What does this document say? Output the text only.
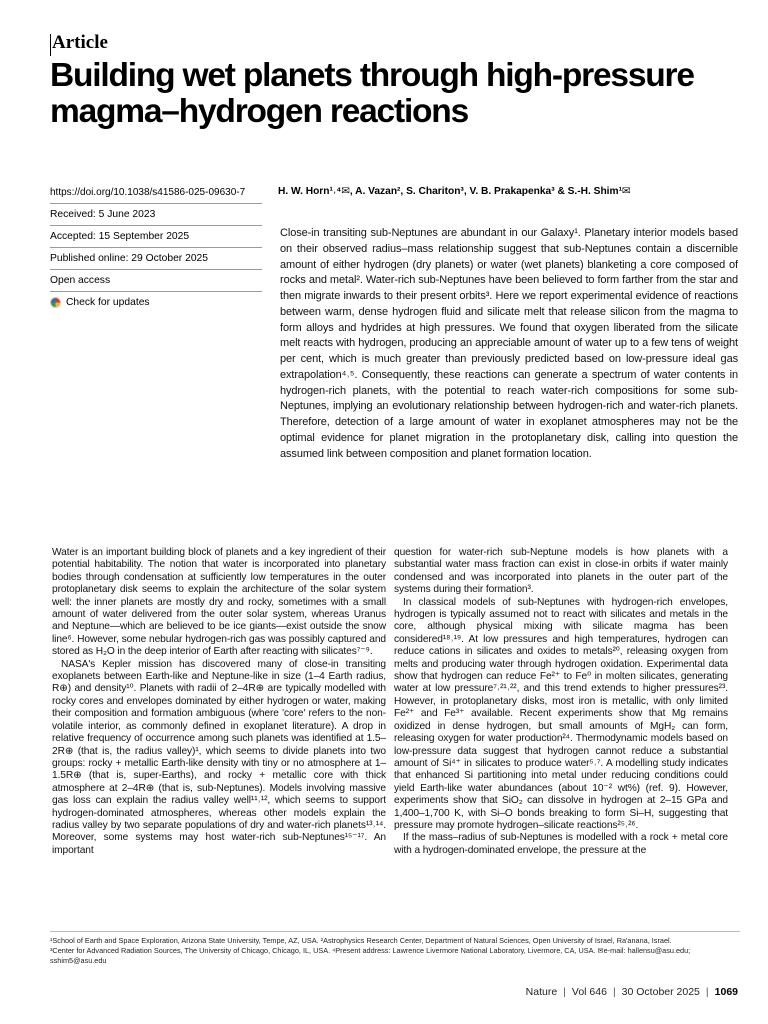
Article
Building wet planets through high-pressure magma–hydrogen reactions
https://doi.org/10.1038/s41586-025-09630-7
Received: 5 June 2023
Accepted: 15 September 2025
Published online: 29 October 2025
Open access
Check for updates
H. W. Horn¹˒⁴✉, A. Vazan², S. Chariton³, V. B. Prakapenka³ & S.-H. Shim¹✉

Close-in transiting sub-Neptunes are abundant in our Galaxy¹. Planetary interior models based on their observed radius–mass relationship suggest that sub-Neptunes contain a discernible amount of either hydrogen (dry planets) or water (wet planets) blanketing a core composed of rocks and metal². Water-rich sub-Neptunes have been believed to form farther from the star and then migrate inwards to their present orbits³. Here we report experimental evidence of reactions between warm, dense hydrogen fluid and silicate melt that release silicon from the magma to form alloys and hydrides at high pressures. We found that oxygen liberated from the silicate melt reacts with hydrogen, producing an appreciable amount of water up to a few tens of weight per cent, which is much greater than previously predicted based on low-pressure ideal gas extrapolation⁴˒⁵. Consequently, these reactions can generate a spectrum of water contents in hydrogen-rich planets, with the potential to reach water-rich compositions for some sub-Neptunes, implying an evolutionary relationship between hydrogen-rich and water-rich planets. Therefore, detection of a large amount of water in exoplanet atmospheres may not be the optimal evidence for planet migration in the protoplanetary disk, calling into question the assumed link between composition and planet formation location.

Water is an important building block of planets and a key ingredient of their potential habitability. The notion that water is incorporated into planetary bodies through condensation at sufficiently low temperatures in the outer protoplanetary disk seems to explain the architecture of the solar system well: the inner planets are mostly dry and rocky, sometimes with a small amount of water delivered from the outer solar system, whereas Uranus and Neptune—which are believed to be ice giants—exist outside the snow line⁶. However, some nebular hydrogen-rich gas was possibly captured and stored as H₂O in the deep interior of Earth after reacting with silicates⁷⁻⁹.

NASA's Kepler mission has discovered many of close-in transiting exoplanets between Earth-like and Neptune-like in size (1–4 Earth radius, R⊕) and density¹⁰. Planets with radii of 2–4R⊕ are typically modelled with rocky cores and envelopes dominated by either hydrogen or water, making their composition and formation ambiguous (where 'core' refers to the non-volatile interior, as commonly defined in exoplanet literature). A drop in relative frequency of occurrence among such planets was identified at 1.5–2R⊕ (that is, the radius valley)¹, which seems to divide planets into two groups: rocky + metallic Earth-like density with tiny or no atmosphere at 1–1.5R⊕ (that is, super-Earths), and rocky + metallic core with thick atmosphere at 2–4R⊕ (that is, sub-Neptunes). Models involving massive gas loss can explain the radius valley well¹¹˒¹², which seems to support hydrogen-dominated atmospheres, whereas other models explain the radius valley by two separate populations of dry and water-rich planets¹³˒¹⁴. Moreover, some systems may host water-rich sub-Neptunes¹⁵⁻¹⁷. An important

question for water-rich sub-Neptune models is how planets with a substantial water mass fraction can exist in close-in orbits if water mainly condensed and was incorporated into planets in the outer part of the systems during their formation³.

In classical models of sub-Neptunes with hydrogen-rich envelopes, hydrogen is typically assumed not to react with silicates and metals in the core, although physical mixing with silicate magma has been considered¹⁸˒¹⁹. At low pressures and high temperatures, hydrogen can reduce cations in silicates and oxides to metals²⁰, releasing oxygen from melts and producing water through hydrogen oxidation. Experimental data show that hydrogen can reduce Fe²⁺ to Fe⁰ in molten silicates, generating water at low pressure⁷˒²¹˒²², and this trend extends to higher pressures²³. However, in protoplanetary disks, most iron is metallic, with only limited Fe²⁺ and Fe³⁺ available. Recent experiments show that Mg remains oxidized in dense hydrogen, but small amounts of MgH₂ can form, releasing oxygen for water production²⁴. Thermodynamic models based on low-pressure data suggest that hydrogen cannot reduce a substantial amount of Si⁴⁺ in silicates to produce water⁵˒⁷. A modelling study indicates that enhanced Si partitioning into metal under reducing conditions could yield Earth-like water abundances (about 10⁻² wt%) (ref. 9). However, experiments show that SiO₂ can dissolve in hydrogen at 2–15 GPa and 1,400–1,700 K, with Si–O bonds breaking to form Si–H, suggesting that pressure may promote hydrogen–silicate reactions²⁵˒²⁶.

If the mass–radius of sub-Neptunes is modelled with a rock + metal core with a hydrogen-dominated envelope, the pressure at the

¹School of Earth and Space Exploration, Arizona State University, Tempe, AZ, USA. ²Astrophysics Research Center, Department of Natural Sciences, Open University of Israel, Ra'anana, Israel.
³Center for Advanced Radiation Sources, The University of Chicago, Chicago, IL, USA. ⁴Present address: Lawrence Livermore National Laboratory, Livermore, CA, USA. ✉e-mail: hallensu@asu.edu;
sshim5@asu.edu
Nature | Vol 646 | 30 October 2025 | 1069
